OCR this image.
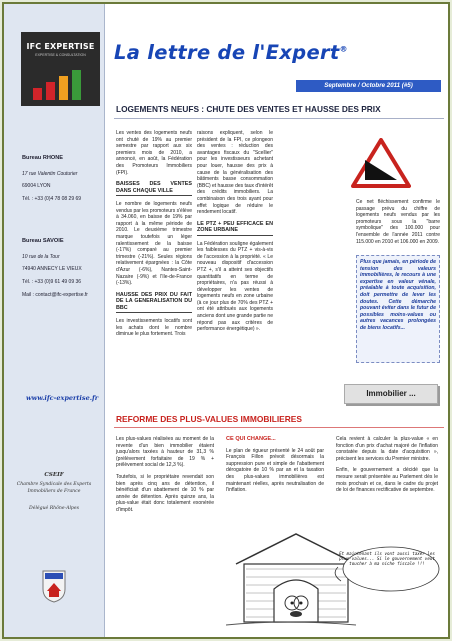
IFC EXPERTISE
EXPERTISE & CONSULTATION
Bureau RHONE
17 rue Valentin Couturier
69004 LYON
Tél. : +33 (0)4 78 08 29 69
Bureau SAVOIE
10 rue de la Tour
74940 ANNECY LE VIEUX
Tél. : +33 (0)9 61 49 09 36
Mail : contact@ifc-expertise.fr
www.ifc-expertise.fr
CSEIF
Chambre Syndicale des Experts
Immobiliers de France
Délégué Rhône-Alpes
La lettre de l'Expert®
Septembre / Octobre 2011 (#5)
LOGEMENTS NEUFS : CHUTE DES VENTES ET HAUSSE DES PRIX

Les ventes des logements neufs ont chuté de 19% au premier semestre par rapport aux six premiers mois de 2010, a annoncé, en août, la Fédération des Promoteurs Immobiliers (FPI).

BAISSES DES VENTES DANS CHAQUE VILLE

Le nombre de logements neufs vendus par les promoteurs s'élève à 34.060, en baisse de 19% par rapport à la même période de 2010. Le deuxième trimestre marque toutefois un léger ralentissement de la baisse (-17%) comparé au premier trimestre (-21%). Seules régions relativement épargnées : la Côte d'Azur (-6%), Nantes-Saint-Nazaire (-9%) et l'Ile-de-France (-13%).

HAUSSE DES PRIX DU FAIT DE LA GENERALISATION DU BBC

Les investissements locatifs sont les achats dont le nombre diminue le plus fortement. Trois

raisons expliquent, selon le président de la FPI, ce plongeon des ventes : réduction des avantages fiscaux du "Scellier" pour les investisseurs achetant pour louer, hausse des prix à cause de la généralisation des bâtiments basse consommation (BBC) et hausse des taux d'intérêt des crédits immobiliers. La combinaison des trois ayant pour effet logique de réduire le rendement locatif.

LE PTZ + PEU EFFICACE EN ZONE URBAINE

La Fédération souligne également les faiblesses du PTZ + vis-à-vis de l'accession à la propriété. « Le nouveau dispositif d'accession PTZ +, s'il a atteint ses objectifs quantitatifs en terme de propriétaires, n'a pas réussi à développer les ventes de logements neufs en zone urbaine (à ce jour plus de 70% des PTZ + ont été attribués aux logements anciens dont une grande partie ne répond pas aux critères de performance énergétique) ».

Ce net fléchissement confirme le passage prévu du chiffre de logements neufs vendus par les promoteurs sous la "barre symbolique" des 100.000 pour l'ensemble de l'année 2011 contre 115.000 en 2010 et 106.000 en 2009.

Plus que jamais, en période de tension des valeurs immobilières, le recours à une expertise en valeur vénale, préalable à toute acquisition, doit permettre de lever les doutes. Cette démarche pouvant éviter dans le futur de possibles moins-values ou autres vacances prolongées de biens locatifs...
Immobilier ...
REFORME DES PLUS-VALUES IMMOBILIERES

Les plus-values réalisées au moment de la revente d'un bien immobilier étaient jusqu'alors taxées à hauteur de 31,3 % (prélèvement forfaitaire de 19 % + prélèvement social de 12,3 %).

Toutefois, si le propriétaire revendait son bien après cinq ans de détention, il bénéficiait d'un abattement de 10 % par année de détention. Après quinze ans, la plus-value était donc totalement exonérée d'impôt.

CE QUI CHANGE...

Le plan de rigueur présenté le 24 août par François Fillon prévoit désormais la suppression pure et simple de l'abattement dérogatoire de 10 % par an et la taxation des plus-values immobilières est maintenant réelles, après neutralisation de l'inflation.

Cela revient à calculer la plus-value « en fonction d'un prix d'achat majoré de l'inflation constatée depuis la date d'acquisition », précisent les services du Premier ministre.

Enfin, le gouvernement a décidé que la mesure serait présentée au Parlement dès le mois prochain et ce, dans le cadre du projet de loi de finances rectificative de septembre.

Et maintenant ils vont aussi taxer les plus-values... Si le gouvernement veut toucher à ma niche fiscale !!!
